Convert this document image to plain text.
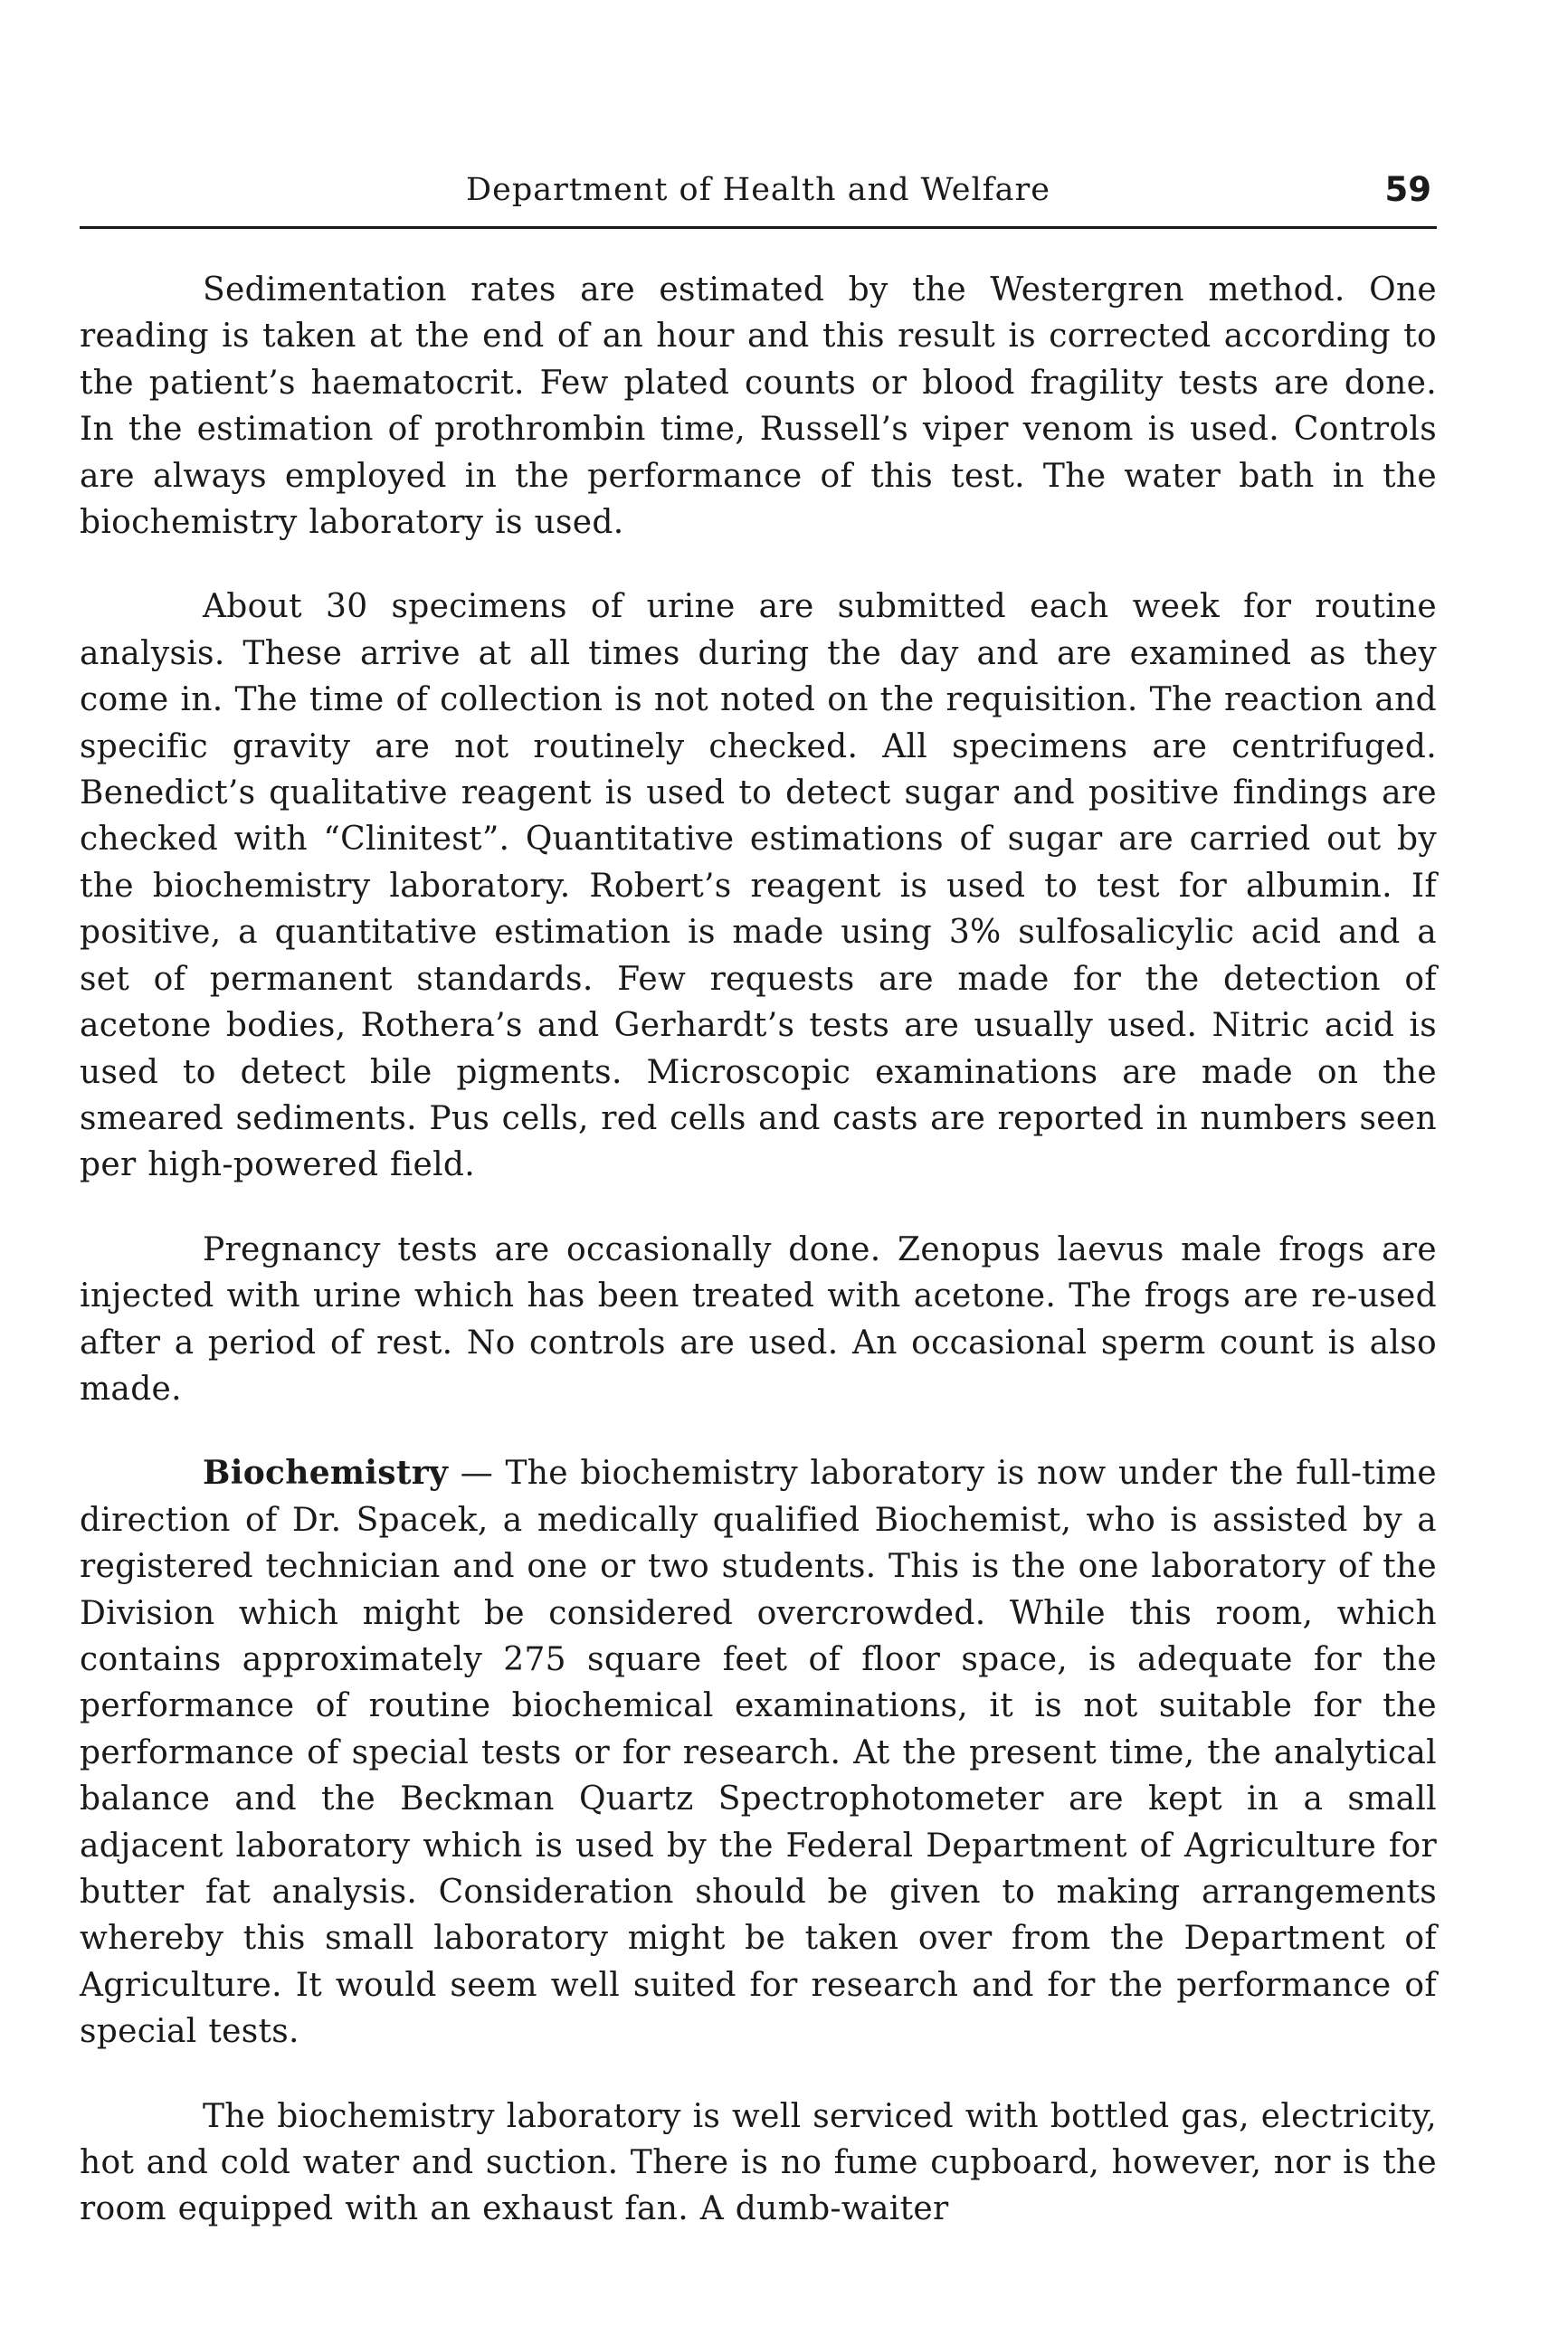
Department of Health and Welfare	59

Sedimentation rates are estimated by the Westergren method. One reading is taken at the end of an hour and this result is corrected according to the patient’s haematocrit. Few plated counts or blood fragility tests are done. In the estimation of prothrombin time, Russell’s viper venom is used. Controls are always employed in the performance of this test. The water bath in the biochemistry laboratory is used.

About 30 specimens of urine are submitted each week for routine analysis. These arrive at all times during the day and are examined as they come in. The time of collection is not noted on the requisition. The reaction and specific gravity are not routinely checked. All specimens are centrifuged. Benedict’s qualitative reagent is used to detect sugar and positive findings are checked with “Clinitest”. Quantitative estimations of sugar are carried out by the biochemistry laboratory. Robert’s reagent is used to test for albumin. If positive, a quantitative estimation is made using 3% sulfosalicylic acid and a set of permanent standards. Few requests are made for the detection of acetone bodies, Rothera’s and Gerhardt’s tests are usually used. Nitric acid is used to detect bile pigments. Microscopic examinations are made on the smeared sediments. Pus cells, red cells and casts are reported in numbers seen per high-powered field.

Pregnancy tests are occasionally done. Zenopus laevus male frogs are injected with urine which has been treated with acetone. The frogs are re-used after a period of rest. No controls are used. An occasional sperm count is also made.

Biochemistry — The biochemistry laboratory is now under the full-time direction of Dr. Spacek, a medically qualified Biochemist, who is assisted by a registered technician and one or two students. This is the one laboratory of the Division which might be considered overcrowded. While this room, which contains approximately 275 square feet of floor space, is adequate for the performance of routine biochemical examinations, it is not suitable for the performance of special tests or for research. At the present time, the analytical balance and the Beckman Quartz Spectrophotometer are kept in a small adjacent laboratory which is used by the Federal Department of Agriculture for butter fat analysis. Consideration should be given to making arrangements whereby this small laboratory might be taken over from the Department of Agriculture. It would seem well suited for research and for the performance of special tests.

The biochemistry laboratory is well serviced with bottled gas, electricity, hot and cold water and suction. There is no fume cupboard, however, nor is the room equipped with an exhaust fan. A dumb-waiter
